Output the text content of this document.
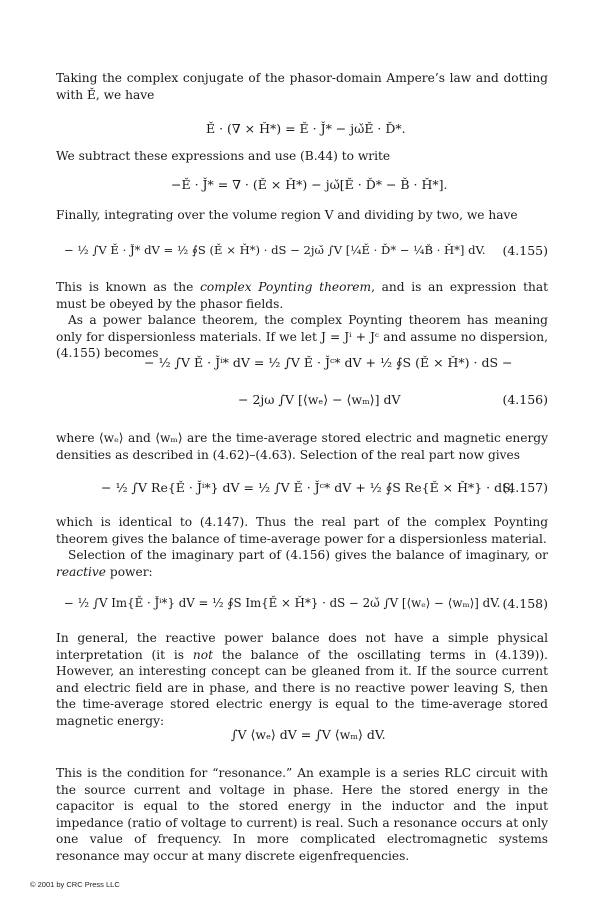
Taking the complex conjugate of the phasor-domain Ampere’s law and dotting with Ě, we have
Ě · (∇ × Ȟ*) = Ě · J̌* − jω̌Ě · Ď*.
We subtract these expressions and use (B.44) to write
−Ě · J̌* = ∇ · (Ě × Ȟ*) − jω̌[Ě · Ď* − B̌ · Ȟ*].
Finally, integrating over the volume region V and dividing by two, we have
− ½ ∫V Ě · J̌* dV = ½ ∮S (Ě × Ȟ*) · dS − 2jω̌ ∫V [¼Ě · Ď* − ¼B̌ · Ȟ*] dV. (4.155)
This is known as the complex Poynting theorem, and is an expression that must be obeyed by the phasor fields.
As a power balance theorem, the complex Poynting theorem has meaning only for dispersionless materials. If we let J = Jⁱ + Jᶜ and assume no dispersion, (4.155) becomes
− ½ ∫V Ě · J̌ⁱ* dV = ½ ∫V Ě · J̌ᶜ* dV + ½ ∮S (Ě × Ȟ*) · dS −
− 2jω ∫V [⟨wₑ⟩ − ⟨wₘ⟩] dV	(4.156)
where ⟨wₑ⟩ and ⟨wₘ⟩ are the time-average stored electric and magnetic energy densities as described in (4.62)–(4.63). Selection of the real part now gives
− ½ ∫V Re{Ě · J̌ⁱ*} dV = ½ ∫V Ě · J̌ᶜ* dV + ½ ∮S Re{Ě × Ȟ*} · dS,
(4.157)
which is identical to (4.147). Thus the real part of the complex Poynting theorem gives the balance of time-average power for a dispersionless material.
Selection of the imaginary part of (4.156) gives the balance of imaginary, or reactive power:
− ½ ∫V Im{Ě · J̌ⁱ*} dV = ½ ∮S Im{Ě × Ȟ*} · dS − 2ω̌ ∫V [⟨wₑ⟩ − ⟨wₘ⟩] dV. (4.158)
In general, the reactive power balance does not have a simple physical interpretation (it is not the balance of the oscillating terms in (4.139)). However, an interesting concept can be gleaned from it. If the source current and electric field are in phase, and there is no reactive power leaving S, then the time-average stored electric energy is equal to the time-average stored magnetic energy:
∫V ⟨wₑ⟩ dV = ∫V ⟨wₘ⟩ dV.
This is the condition for “resonance.” An example is a series RLC circuit with the source current and voltage in phase. Here the stored energy in the capacitor is equal to the stored energy in the inductor and the input impedance (ratio of voltage to current) is real. Such a resonance occurs at only one value of frequency. In more complicated electromagnetic systems resonance may occur at many discrete eigenfrequencies.
© 2001 by CRC Press LLC
